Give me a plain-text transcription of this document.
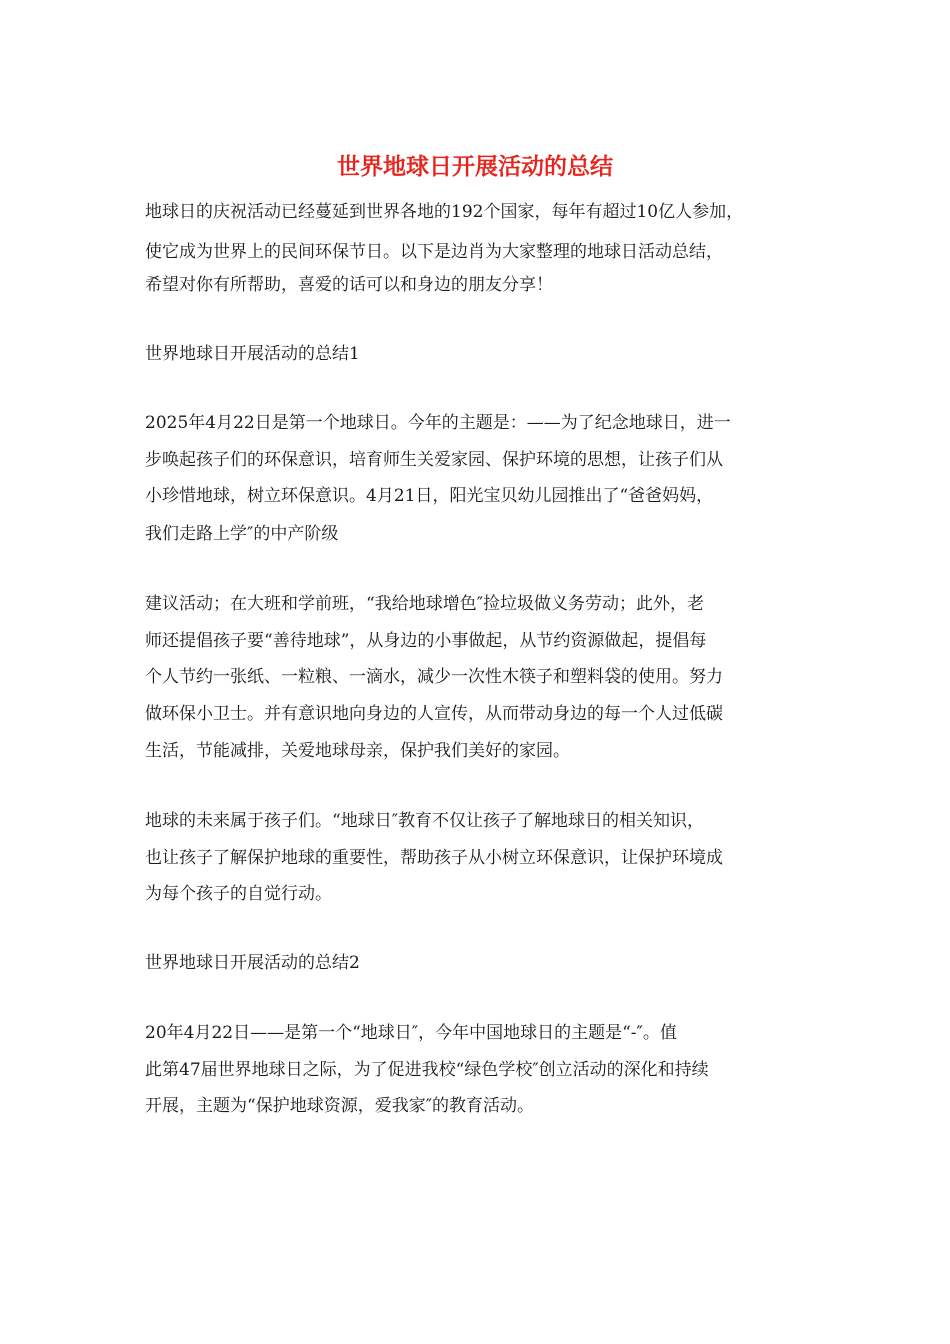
世界地球日开展活动的总结

地球日的庆祝活动已经蔓延到世界各地的192个国家，每年有超过10亿人参加，

使它成为世界上的民间环保节日。以下是边肖为大家整理的地球日活动总结，

希望对你有所帮助，喜爱的话可以和身边的朋友分享！

世界地球日开展活动的总结1

2025年4月22日是第一个地球日。今年的主题是：——为了纪念地球日，进一

步唤起孩子们的环保意识，培育师生关爱家园、保护环境的思想，让孩子们从

小珍惜地球，树立环保意识。4月21日，阳光宝贝幼儿园推出了“爸爸妈妈，

我们走路上学″的中产阶级

建议活动；在大班和学前班，“我给地球增色″捡垃圾做义务劳动；此外，老

师还提倡孩子要“善待地球”，从身边的小事做起，从节约资源做起，提倡每

个人节约一张纸、一粒粮、一滴水，减少一次性木筷子和塑料袋的使用。努力

做环保小卫士。并有意识地向身边的人宣传，从而带动身边的每一个人过低碳

生活，节能减排，关爱地球母亲，保护我们美好的家园。

地球的未来属于孩子们。“地球日″教育不仅让孩子了解地球日的相关知识，

也让孩子了解保护地球的重要性，帮助孩子从小树立环保意识，让保护环境成

为每个孩子的自觉行动。

世界地球日开展活动的总结2

20年4月22日——是第一个“地球日″，今年中国地球日的主题是“-″。值

此第47届世界地球日之际，为了促进我校“绿色学校″创立活动的深化和持续

开展，主题为“保护地球资源，爱我家″的教育活动。
